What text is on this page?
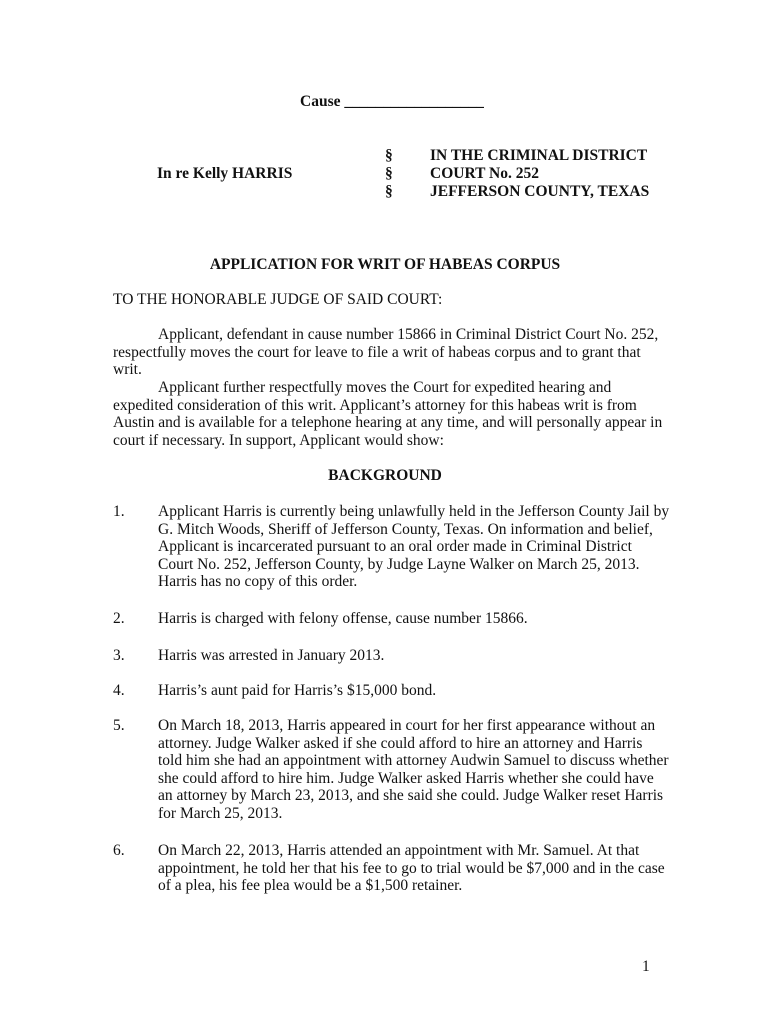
Cause __________________
In re Kelly HARRIS
§
§
§
IN THE CRIMINAL DISTRICT
COURT No. 252
JEFFERSON COUNTY, TEXAS
APPLICATION FOR WRIT OF HABEAS CORPUS
TO THE HONORABLE JUDGE OF SAID COURT:
Applicant, defendant in cause number 15866 in Criminal District Court No. 252,
respectfully moves the court for leave to file a writ of habeas corpus and to grant that
writ.
Applicant further respectfully moves the Court for expedited hearing and
expedited consideration of this writ. Applicant’s attorney for this habeas writ is from
Austin and is available for a telephone hearing at any time, and will personally appear in
court if necessary. In support, Applicant would show:
BACKGROUND
1. Applicant Harris is currently being unlawfully held in the Jefferson County Jail by
G. Mitch Woods, Sheriff of Jefferson County, Texas. On information and belief,
Applicant is incarcerated pursuant to an oral order made in Criminal District
Court No. 252, Jefferson County, by Judge Layne Walker on March 25, 2013.
Harris has no copy of this order.
2. Harris is charged with felony offense, cause number 15866.
3. Harris was arrested in January 2013.
4. Harris’s aunt paid for Harris’s $15,000 bond.
5. On March 18, 2013, Harris appeared in court for her first appearance without an
attorney. Judge Walker asked if she could afford to hire an attorney and Harris
told him she had an appointment with attorney Audwin Samuel to discuss whether
she could afford to hire him. Judge Walker asked Harris whether she could have
an attorney by March 23, 2013, and she said she could. Judge Walker reset Harris
for March 25, 2013.
6. On March 22, 2013, Harris attended an appointment with Mr. Samuel. At that
appointment, he told her that his fee to go to trial would be $7,000 and in the case
of a plea, his fee plea would be a $1,500 retainer.
1
